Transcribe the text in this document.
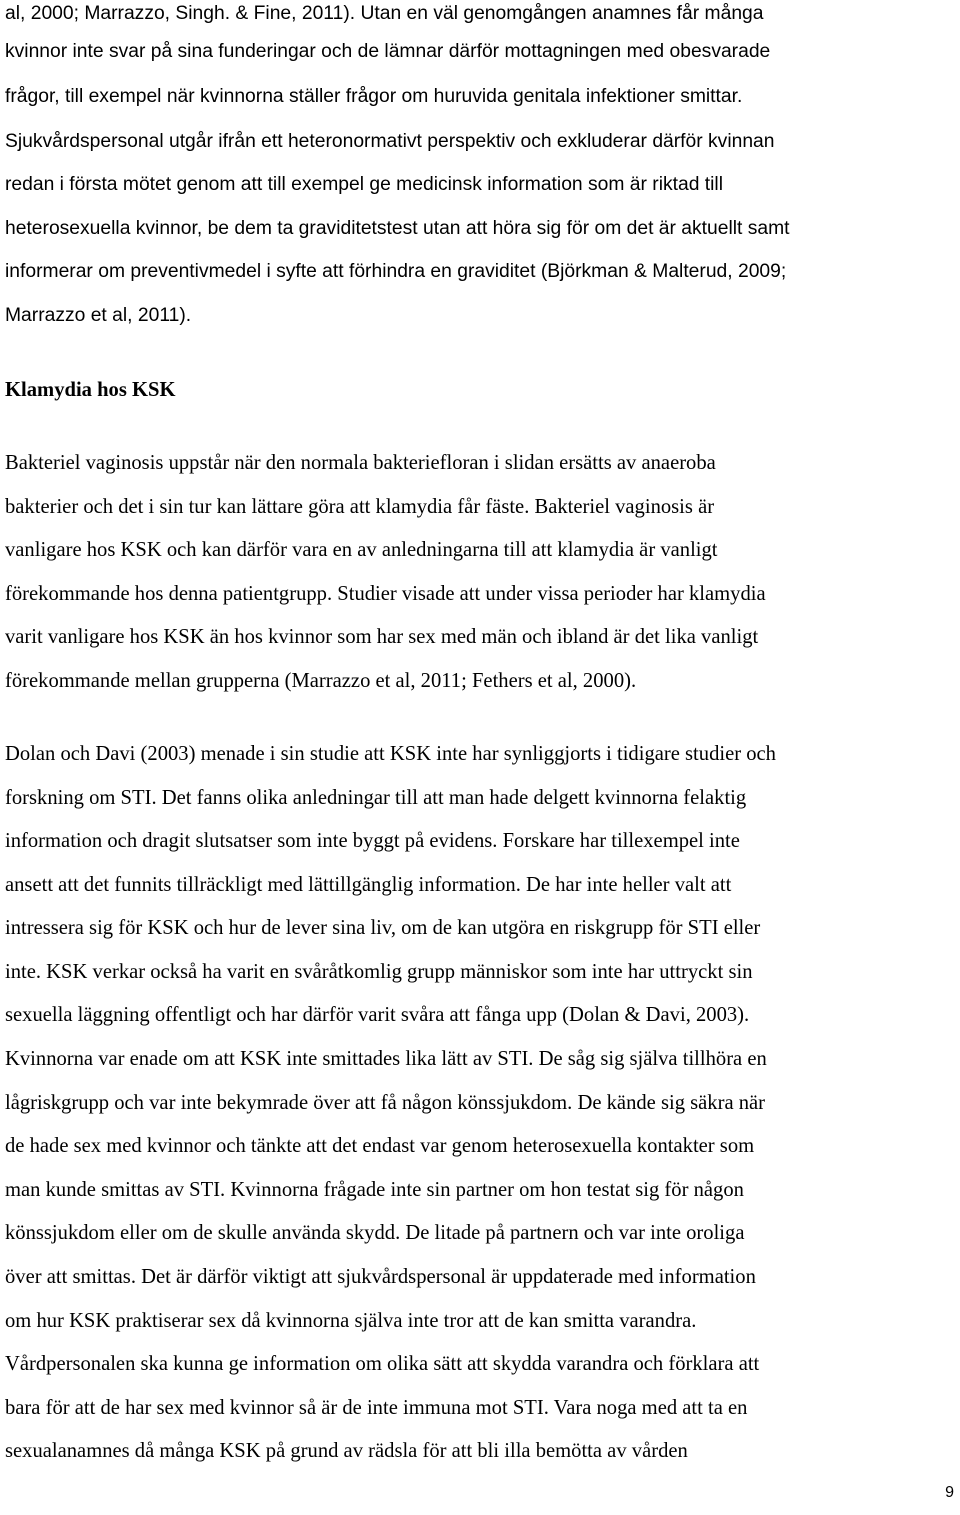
al, 2000; Marrazzo, Singh. & Fine, 2011). Utan en väl genomgången anamnes får många
kvinnor inte svar på sina funderingar och de lämnar därför mottagningen med obesvarade
frågor, till exempel när kvinnorna ställer frågor om huruvida genitala infektioner smittar.
Sjukvårdspersonal utgår ifrån ett heteronormativt perspektiv och exkluderar därför kvinnan
redan i första mötet genom att till exempel ge medicinsk information som är riktad till
heterosexuella kvinnor, be dem ta graviditetstest utan att höra sig för om det är aktuellt samt
informerar om preventivmedel i syfte att förhindra en graviditet (Björkman & Malterud, 2009;
Marrazzo et al, 2011).
Klamydia hos KSK
Bakteriel vaginosis uppstår när den normala bakteriefloran i slidan ersätts av anaeroba
bakterier och det i sin tur kan lättare göra att klamydia får fäste. Bakteriel vaginosis är
vanligare hos KSK och kan därför vara en av anledningarna till att klamydia är vanligt
förekommande hos denna patientgrupp. Studier visade att under vissa perioder har klamydia
varit vanligare hos KSK än hos kvinnor som har sex med män och ibland är det lika vanligt
förekommande mellan grupperna (Marrazzo et al, 2011; Fethers et al, 2000).
Dolan och Davi (2003) menade i sin studie att KSK inte har synliggjorts i tidigare studier och
forskning om STI. Det fanns olika anledningar till att man hade delgett kvinnorna felaktig
information och dragit slutsatser som inte byggt på evidens. Forskare har tillexempel inte
ansett att det funnits tillräckligt med lättillgänglig information. De har inte heller valt att
intressera sig för KSK och hur de lever sina liv, om de kan utgöra en riskgrupp för STI eller
inte. KSK verkar också ha varit en svåråtkomlig grupp människor som inte har uttryckt sin
sexuella läggning offentligt och har därför varit svåra att fånga upp (Dolan & Davi, 2003).
Kvinnorna var enade om att KSK inte smittades lika lätt av STI. De såg sig själva tillhöra en
lågriskgrupp och var inte bekymrade över att få någon könssjukdom. De kände sig säkra när
de hade sex med kvinnor och tänkte att det endast var genom heterosexuella kontakter som
man kunde smittas av STI. Kvinnorna frågade inte sin partner om hon testat sig för någon
könssjukdom eller om de skulle använda skydd. De litade på partnern och var inte oroliga
över att smittas. Det är därför viktigt att sjukvårdspersonal är uppdaterade med information
om hur KSK praktiserar sex då kvinnorna själva inte tror att de kan smitta varandra.
Vårdpersonalen ska kunna ge information om olika sätt att skydda varandra och förklara att
bara för att de har sex med kvinnor så är de inte immuna mot STI. Vara noga med att ta en
sexualanamnes då många KSK på grund av rädsla för att bli illa bemötta av vården
9
